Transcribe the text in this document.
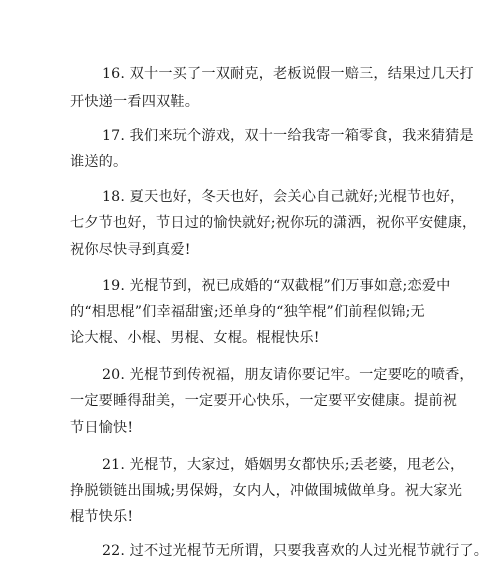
16. 双十一买了一双耐克，老板说假一赔三，结果过几天打
开快递一看四双鞋。
17. 我们来玩个游戏，双十一给我寄一箱零食，我来猜猜是
谁送的。
18. 夏天也好，冬天也好，会关心自己就好;光棍节也好，
七夕节也好，节日过的愉快就好;祝你玩的潇洒，祝你平安健康，
祝你尽快寻到真爱!
19. 光棍节到，祝已成婚的“双截棍”们万事如意;恋爱中
的“相思棍”们幸福甜蜜;还单身的“独竿棍”们前程似锦;无
论大棍、小棍、男棍、女棍。棍棍快乐!
20. 光棍节到传祝福，朋友请你要记牢。一定要吃的喷香，
一定要睡得甜美，一定要开心快乐，一定要平安健康。提前祝
节日愉快!
21. 光棍节，大家过，婚姻男女都快乐;丢老婆，甩老公，
挣脱锁链出围城;男保姆，女内人，冲做围城做单身。祝大家光
棍节快乐!
22. 过不过光棍节无所谓，只要我喜欢的人过光棍节就行了。
